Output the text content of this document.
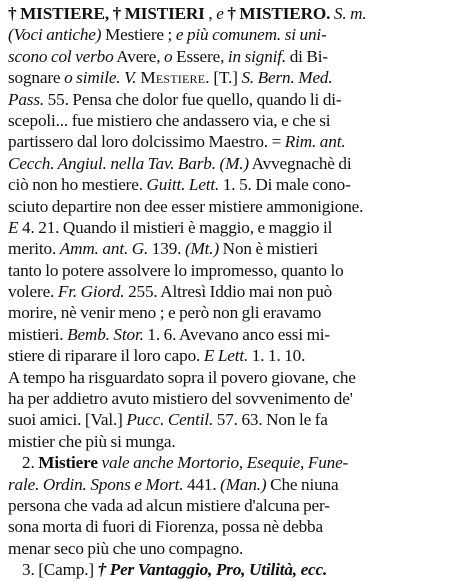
† MISTIERE, † MISTIERI , e † MISTIERO. S. m.
(Voci antiche) Mestiere ; e più comunem. si uni-
scono col verbo Avere, o Essere, in signif. di Bi-
sognare o simile. V. Mestiere. [T.] S. Bern. Med.
Pass. 55. Pensa che dolor fue quello, quando li di-
scepoli... fue mistiero che andassero via, e che si
partissero dal loro dolcissimo Maestro. = Rim. ant.
Cecch. Angiul. nella Tav. Barb. (M.) Avvegnachè di
ciò non ho mestiere. Guitt. Lett. 1. 5. Di male cono-
sciuto departire non dee esser mistiere ammonigione.
E 4. 21. Quando il mistieri è maggio, e maggio il
merito. Amm. ant. G. 139. (Mt.) Non è mistieri
tanto lo potere assolvere lo impromesso, quanto lo
volere. Fr. Giord. 255. Altresì Iddio mai non può
morire, nè venir meno ; e però non gli eravamo
mistieri. Bemb. Stor. 1. 6. Avevano anco essi mi-
stiere di riparare il loro capo. E Lett. 1. 1. 10.
A tempo ha risguardato sopra il povero giovane, che
ha per addietro avuto mistiero del sovvenimento de'
suoi amici. [Val.] Pucc. Centil. 57. 63. Non le fa
mistier che più si munga.
2. Mistiere vale anche Mortorio, Esequie, Fune-
rale. Ordin. Spons e Mort. 441. (Man.) Che niuna
persona che vada ad alcun mistiere d'alcuna per-
sona morta di fuori di Fiorenza, possa nè debba
menar seco più che uno compagno.
3. [Camp.] † Per Vantaggio, Pro, Utilità, ecc.
